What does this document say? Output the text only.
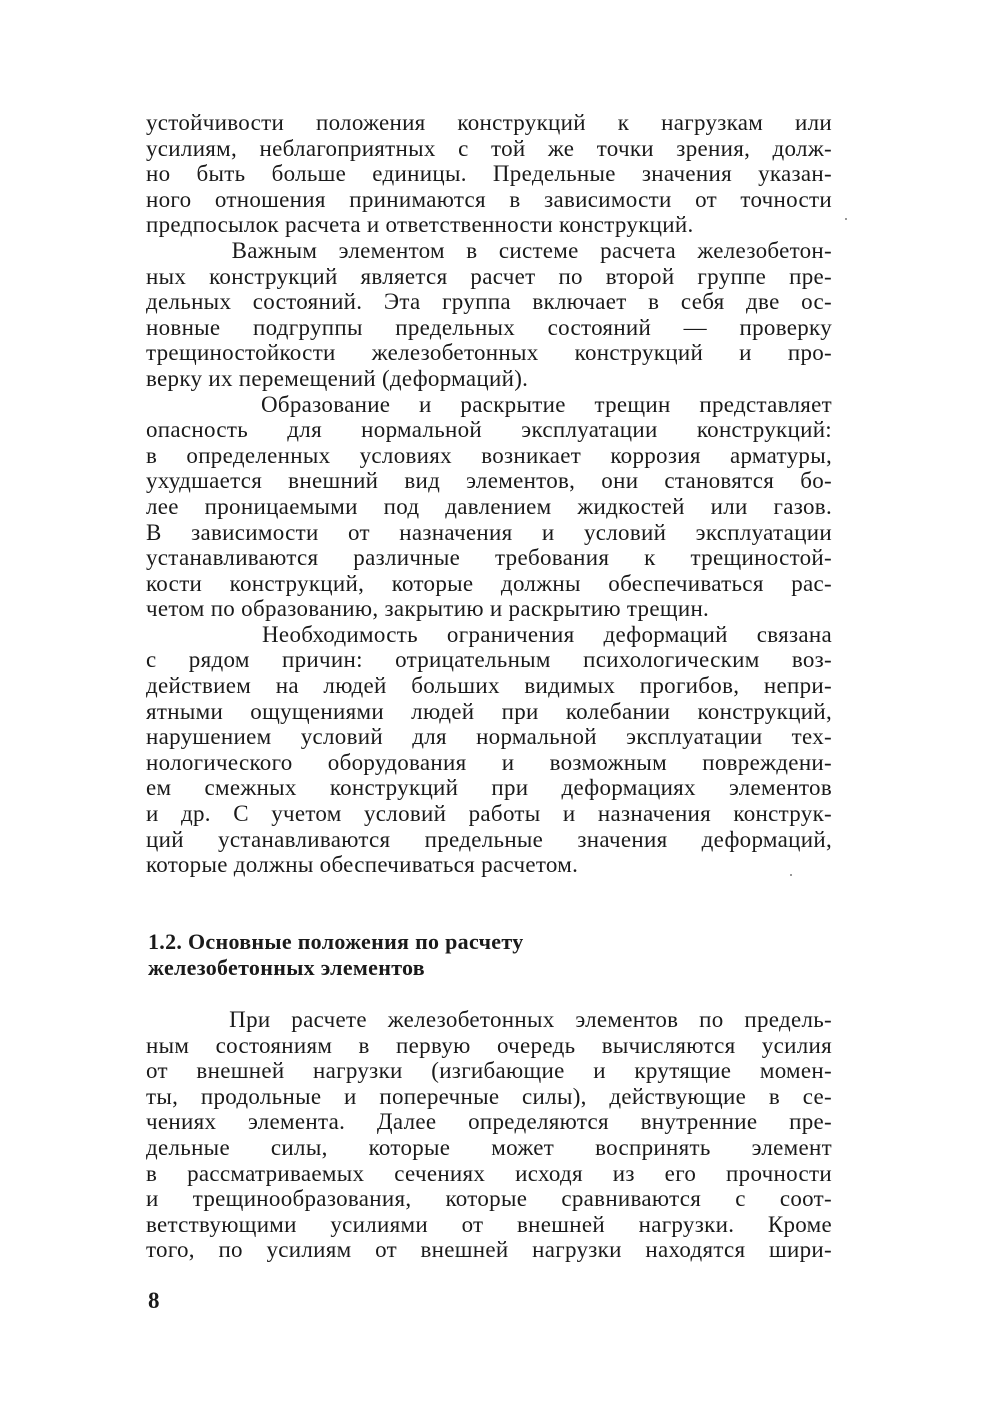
устойчивости положения конструкций к нагрузкам или
усилиям, неблагоприятных с той же точки зрения, долж-
но быть больше единицы. Предельные значения указан-
ного отношения принимаются в зависимости от точности
предпосылок расчета и ответственности конструкций.
Важным элементом в системе расчета железобетон-
ных конструкций является расчет по второй группе пре-
дельных состояний. Эта группа включает в себя две ос-
новные подгруппы предельных состояний — проверку
трещиностойкости железобетонных конструкций и про-
верку их перемещений (деформаций).
Образование и раскрытие трещин представляет
опасность для нормальной эксплуатации конструкций:
в определенных условиях возникает коррозия арматуры,
ухудшается внешний вид элементов, они становятся бо-
лее проницаемыми под давлением жидкостей или газов.
В зависимости от назначения и условий эксплуатации
устанавливаются различные требования к трещиностой-
кости конструкций, которые должны обеспечиваться рас-
четом по образованию, закрытию и раскрытию трещин.
Необходимость ограничения деформаций связана
с рядом причин: отрицательным психологическим воз-
действием на людей больших видимых прогибов, непри-
ятными ощущениями людей при колебании конструкций,
нарушением условий для нормальной эксплуатации тех-
нологического оборудования и возможным повреждени-
ем смежных конструкций при деформациях элементов
и др. С учетом условий работы и назначения конструк-
ций устанавливаются предельные значения деформаций,
которые должны обеспечиваться расчетом.
1.2. Основные положения по расчету
железобетонных элементов
При расчете железобетонных элементов по предель-
ным состояниям в первую очередь вычисляются усилия
от внешней нагрузки (изгибающие и крутящие момен-
ты, продольные и поперечные силы), действующие в се-
чениях элемента. Далее определяются внутренние пре-
дельные силы, которые может воспринять элемент
в рассматриваемых сечениях исходя из его прочности
и трещинообразования, которые сравниваются с соот-
ветствующими усилиями от внешней нагрузки. Кроме
того, по усилиям от внешней нагрузки находятся шири-
8
